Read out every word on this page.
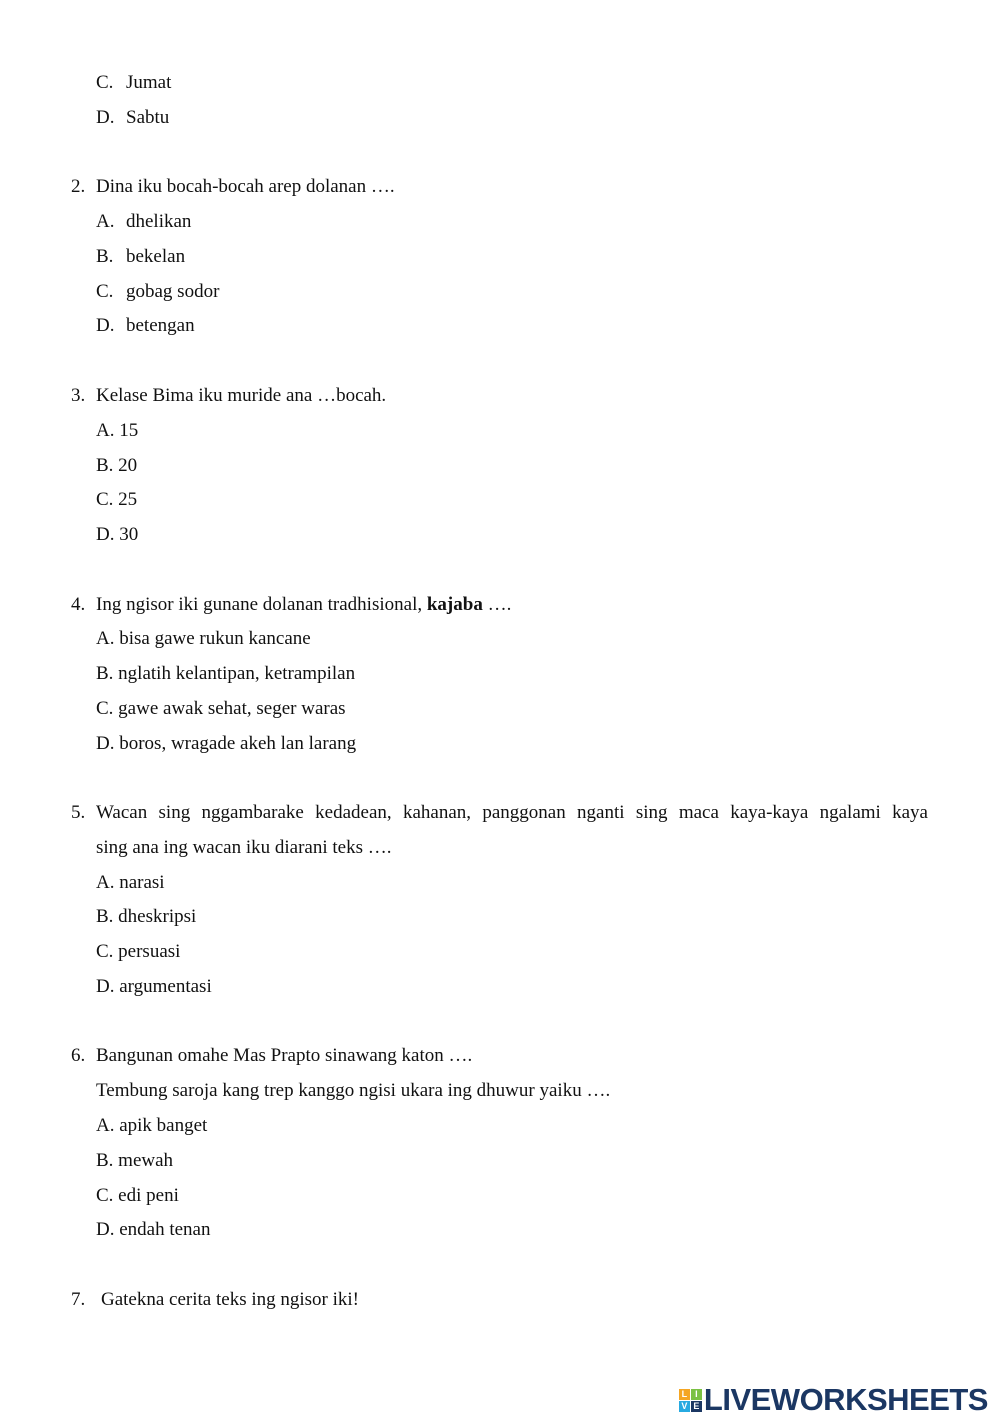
C. Jumat
D. Sabtu
2. Dina iku bocah-bocah arep dolanan ….
A. dhelikan
B. bekelan
C. gobag sodor
D. betengan
3. Kelase Bima iku muride ana …bocah.
A. 15
B. 20
C. 25
D. 30
4. Ing ngisor iki gunane dolanan tradhisional, kajaba ….
A. bisa gawe rukun kancane
B. nglatih kelantipan, ketrampilan
C. gawe awak sehat, seger waras
D. boros, wragade akeh lan larang
5. Wacan sing nggambarake kedadean, kahanan, panggonan nganti sing maca kaya-kaya ngalami kaya
sing ana ing wacan iku diarani teks ….
A. narasi
B. dheskripsi
C. persuasi
D. argumentasi
6. Bangunan omahe Mas Prapto sinawang katon ….
Tembung saroja kang trep kanggo ngisi ukara ing dhuwur yaiku ….
A. apik banget
B. mewah
C. edi peni
D. endah tenan
7. Gatekna cerita teks ing ngisor iki!
L I
V E LIVEWORKSHEETS
